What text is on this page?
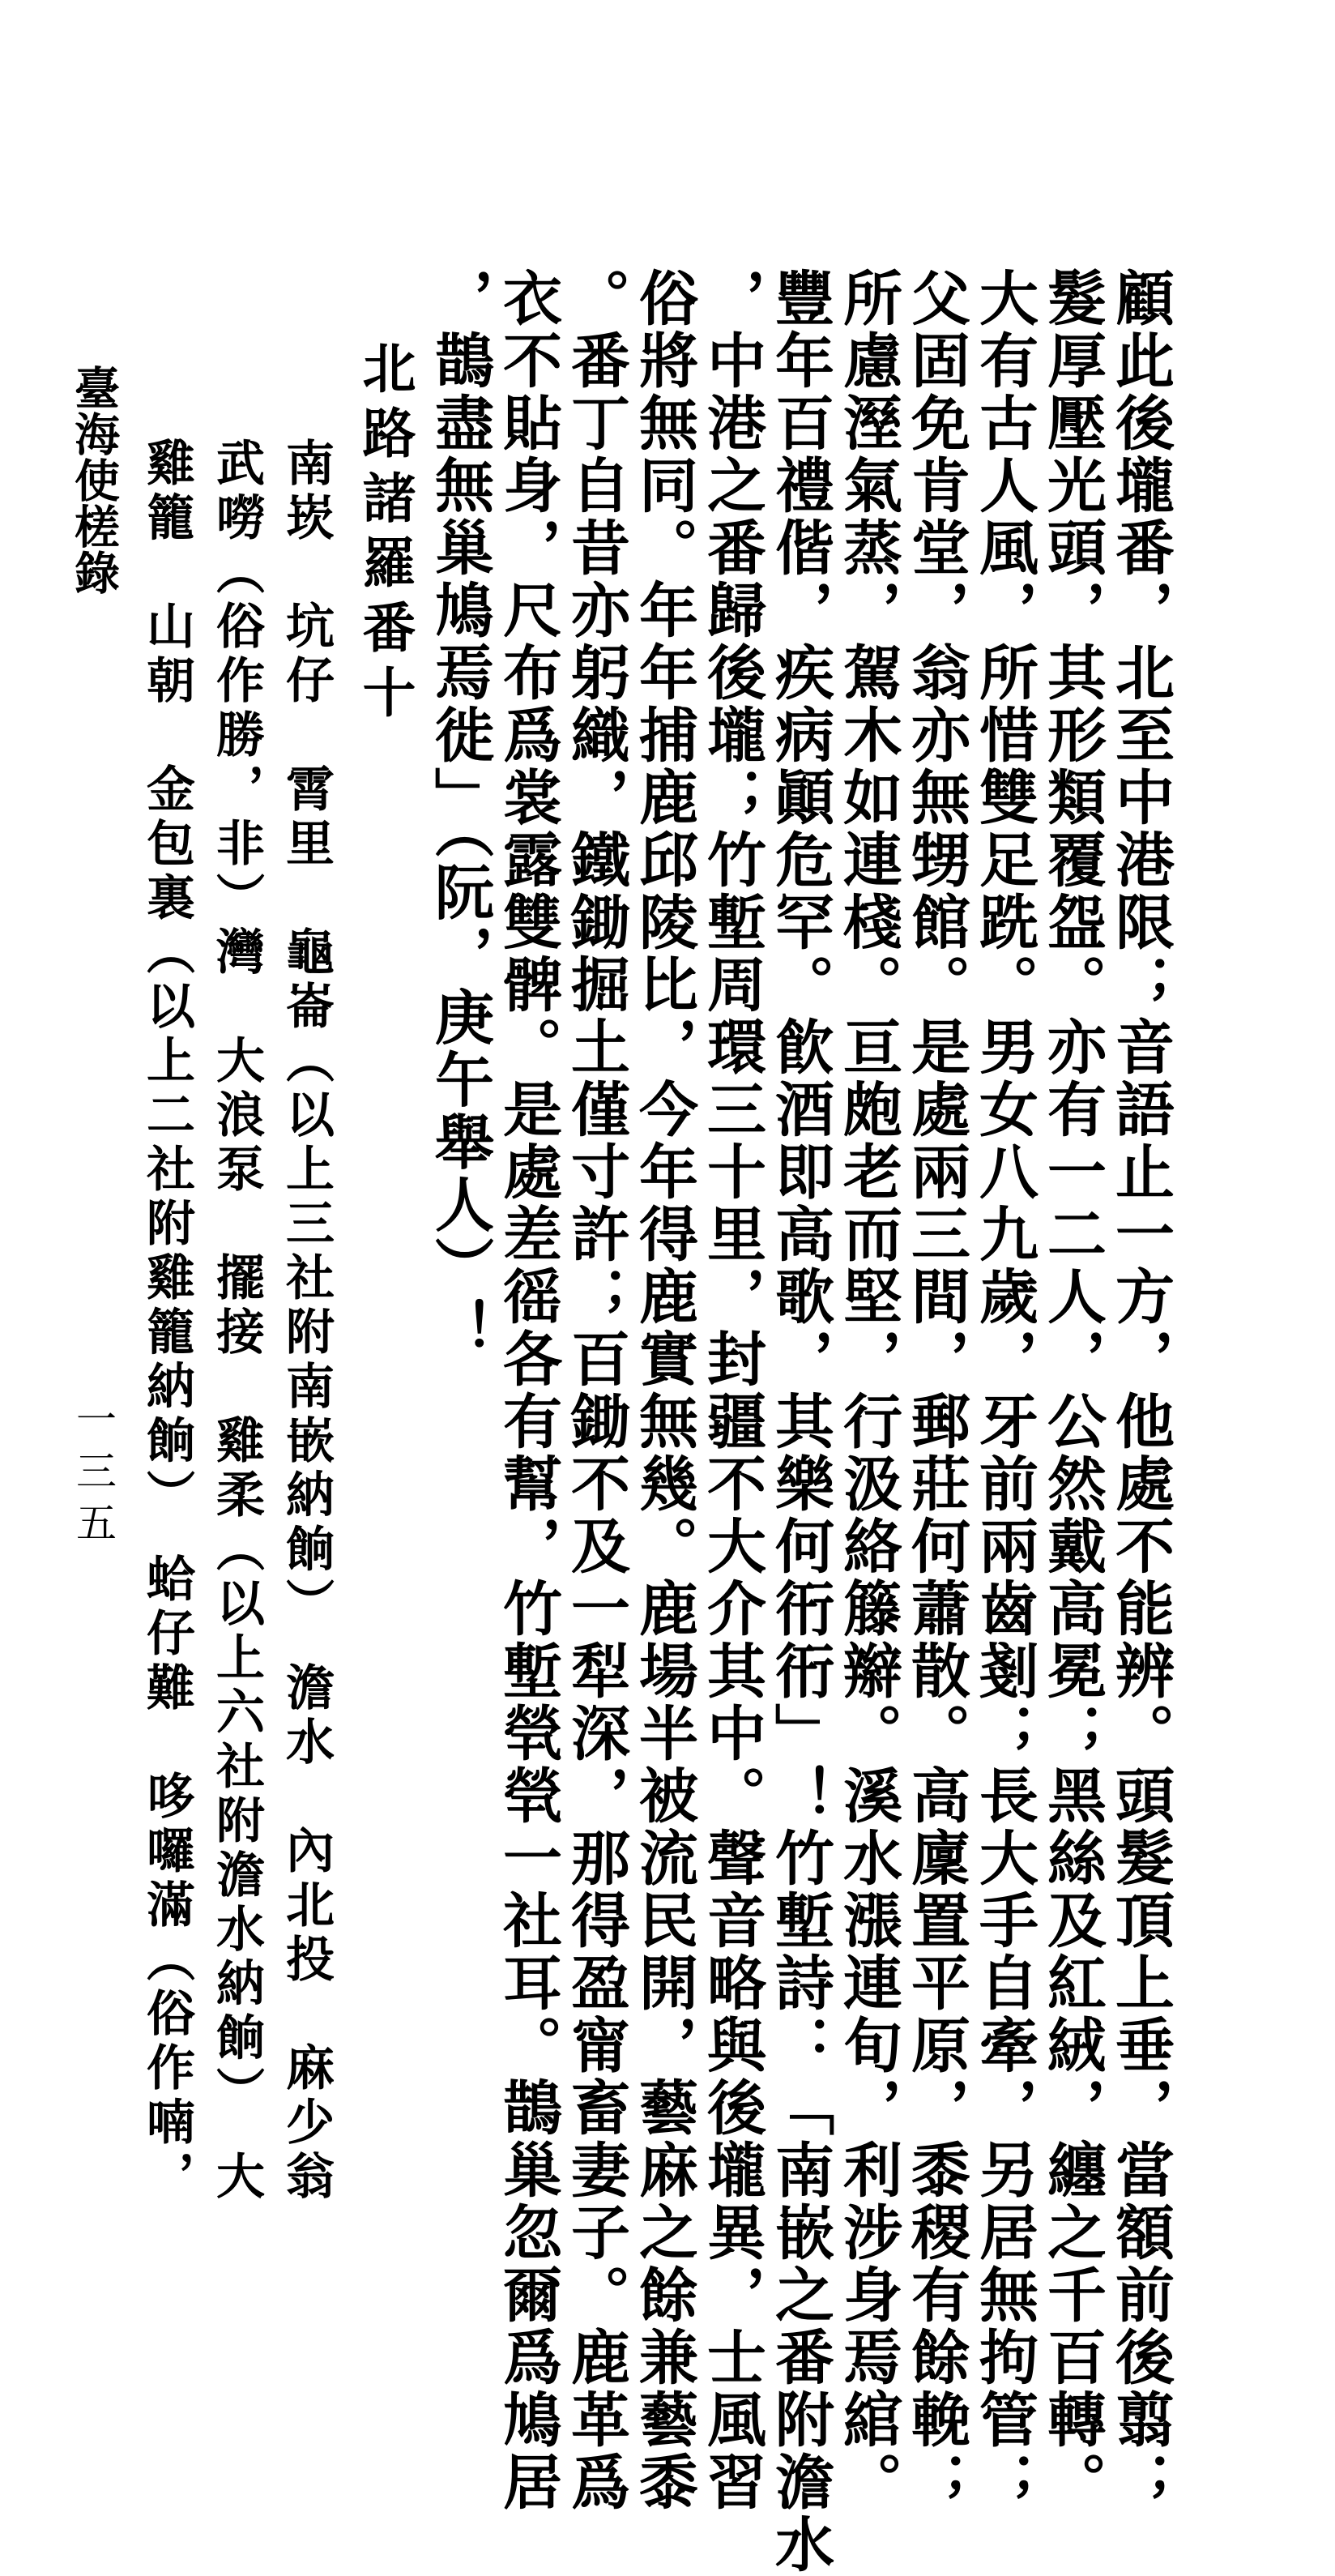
顧此後壠番，北至中港限；音語止一方，他處不能辨。頭髮頂上垂，當額前後翦；
髮厚壓光頭，其形類覆盌。亦有一二人，公然戴高冕；黑絲及紅絨，纏之千百轉。
大有古人風，所惜雙足跣。男女八九歲，牙前兩齒剗；長大手自牽，另居無拘管；
父固免肯堂，翁亦無甥館。是處兩三間，郵莊何蕭散。高廩置平原，黍稷有餘輓；
所慮溼氣蒸，駕木如連棧。亘皰老而堅，行汲絡籐辮。溪水漲連旬，利涉身焉綰。
豐年百禮偕，疾病顚危罕。飮酒即高歌，其樂何衎衎」！竹塹詩：「南嵌之番附澹水
，中港之番歸後壠；竹塹周環三十里，封疆不大介其中。聲音略與後壠異，士風習
俗將無同。年年捕鹿邱陵比，今年得鹿實無幾。鹿場半被流民開，藝麻之餘兼藝黍
。番丁自昔亦躬織，鐵鋤掘土僅寸許；百鋤不及一犁深，那得盈甯畜妻子。鹿革爲
衣不貼身，尺布爲裳露雙髀。是處差徭各有幫，竹塹煢煢一社耳。鵲巢忽爾爲鳩居
，鵲盡無巢鳩焉徙」（阮，庚午舉人）！
北路諸羅番十
南崁　坑仔　霄里　龜崙（以上三社附南嵌納餉）　澹水　內北投　麻少翁
武嘮（俗作勝，非）灣　大浪泵　擺接　雞柔（以上六社附澹水納餉）　大
雞籠　山朝　金包裏（以上二社附雞籠納餉）　蛤仔難　哆囉滿（俗作喃，
臺海使槎錄
一三五
